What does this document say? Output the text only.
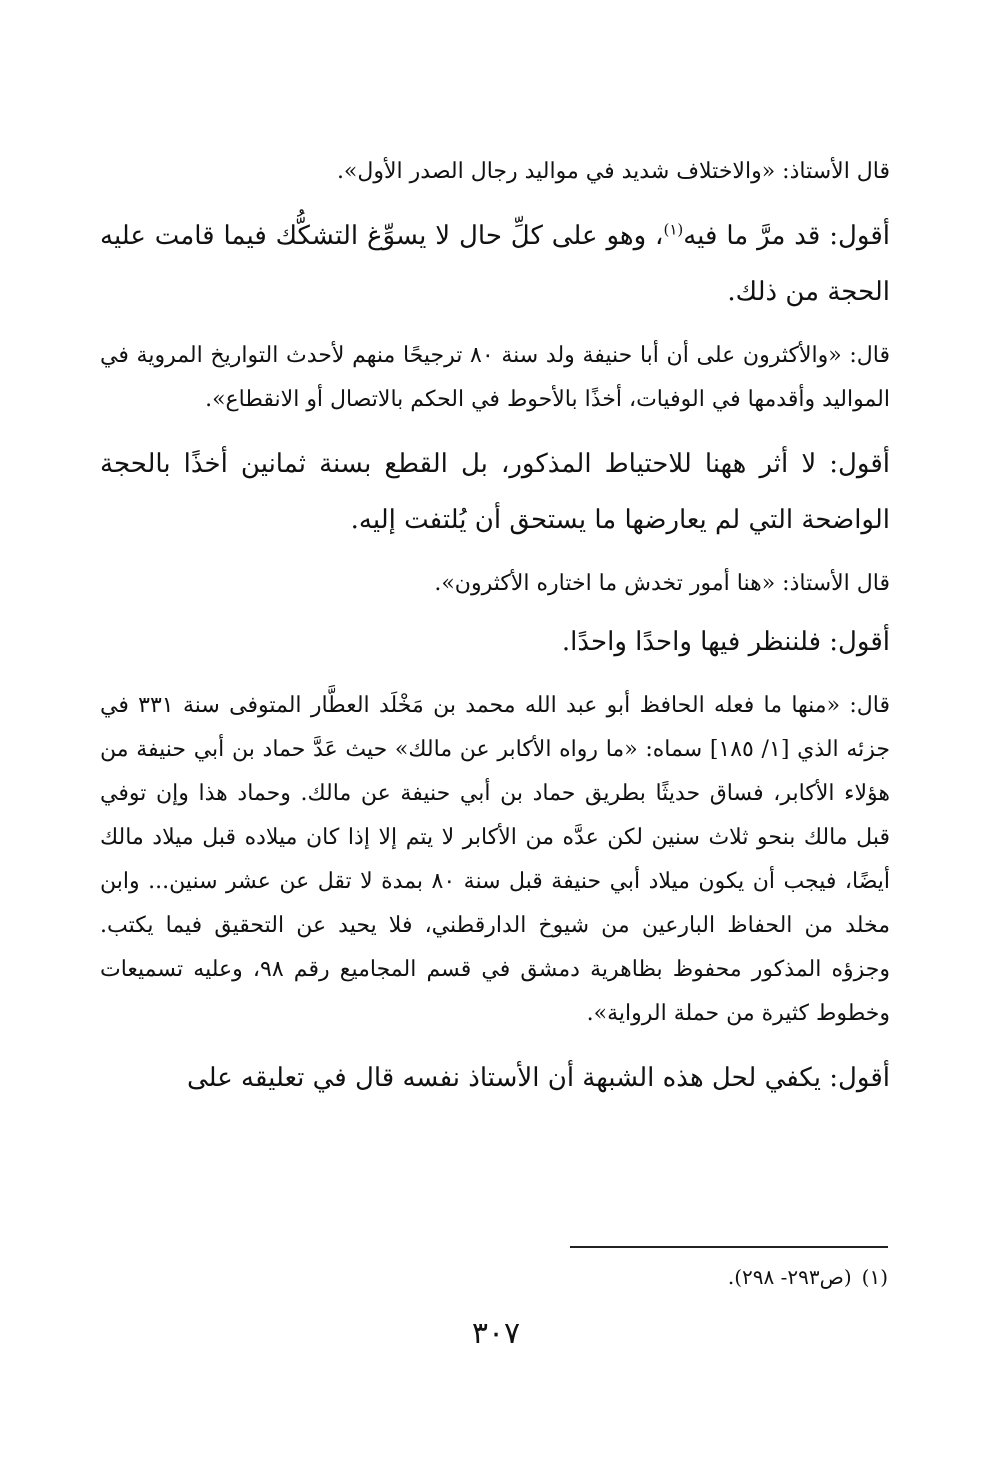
قال الأستاذ: «والاختلاف شديد في مواليد رجال الصدر الأول».

أقول: قد مرَّ ما فيه$^{(١)}$، وهو على كلِّ حال لا يسوِّغ التشكُّك فيما قامت عليه الحجة من ذلك.

قال: «والأكثرون على أن أبا حنيفة ولد سنة ٨٠ ترجيحًا منهم لأحدث التواريخ المروية في المواليد وأقدمها في الوفيات، أخذًا بالأحوط في الحكم بالاتصال أو الانقطاع».

أقول: لا أثر ههنا للاحتياط المذكور، بل القطع بسنة ثمانين أخذًا بالحجة الواضحة التي لم يعارضها ما يستحق أن يُلتفت إليه.

قال الأستاذ: «هنا أمور تخدش ما اختاره الأكثرون».

أقول: فلننظر فيها واحدًا واحدًا.

قال: «منها ما فعله الحافظ أبو عبد الله محمد بن مَخْلَد العطَّار المتوفى سنة ٣٣١ في جزئه الذي [١/ ١٨٥] سماه: «ما رواه الأكابر عن مالك» حيث عَدَّ حماد بن أبي حنيفة من هؤلاء الأكابر، فساق حديثًا بطريق حماد بن أبي حنيفة عن مالك. وحماد هذا وإن توفي قبل مالك بنحو ثلاث سنين لكن عدَّه من الأكابر لا يتم إلا إذا كان ميلاده قبل ميلاد مالك أيضًا، فيجب أن يكون ميلاد أبي حنيفة قبل سنة ٨٠ بمدة لا تقل عن عشر سنين... وابن مخلد من الحفاظ البارعين من شيوخ الدارقطني، فلا يحيد عن التحقيق فيما يكتب. وجزؤه المذكور محفوظ بظاهرية دمشق في قسم المجاميع رقم ٩٨، وعليه تسميعات وخطوط كثيرة من حملة الرواية».

أقول: يكفي لحل هذه الشبهة أن الأستاذ نفسه قال في تعليقه على

(١)(ص٢٩٣- ٢٩٨).
٣٠٧
